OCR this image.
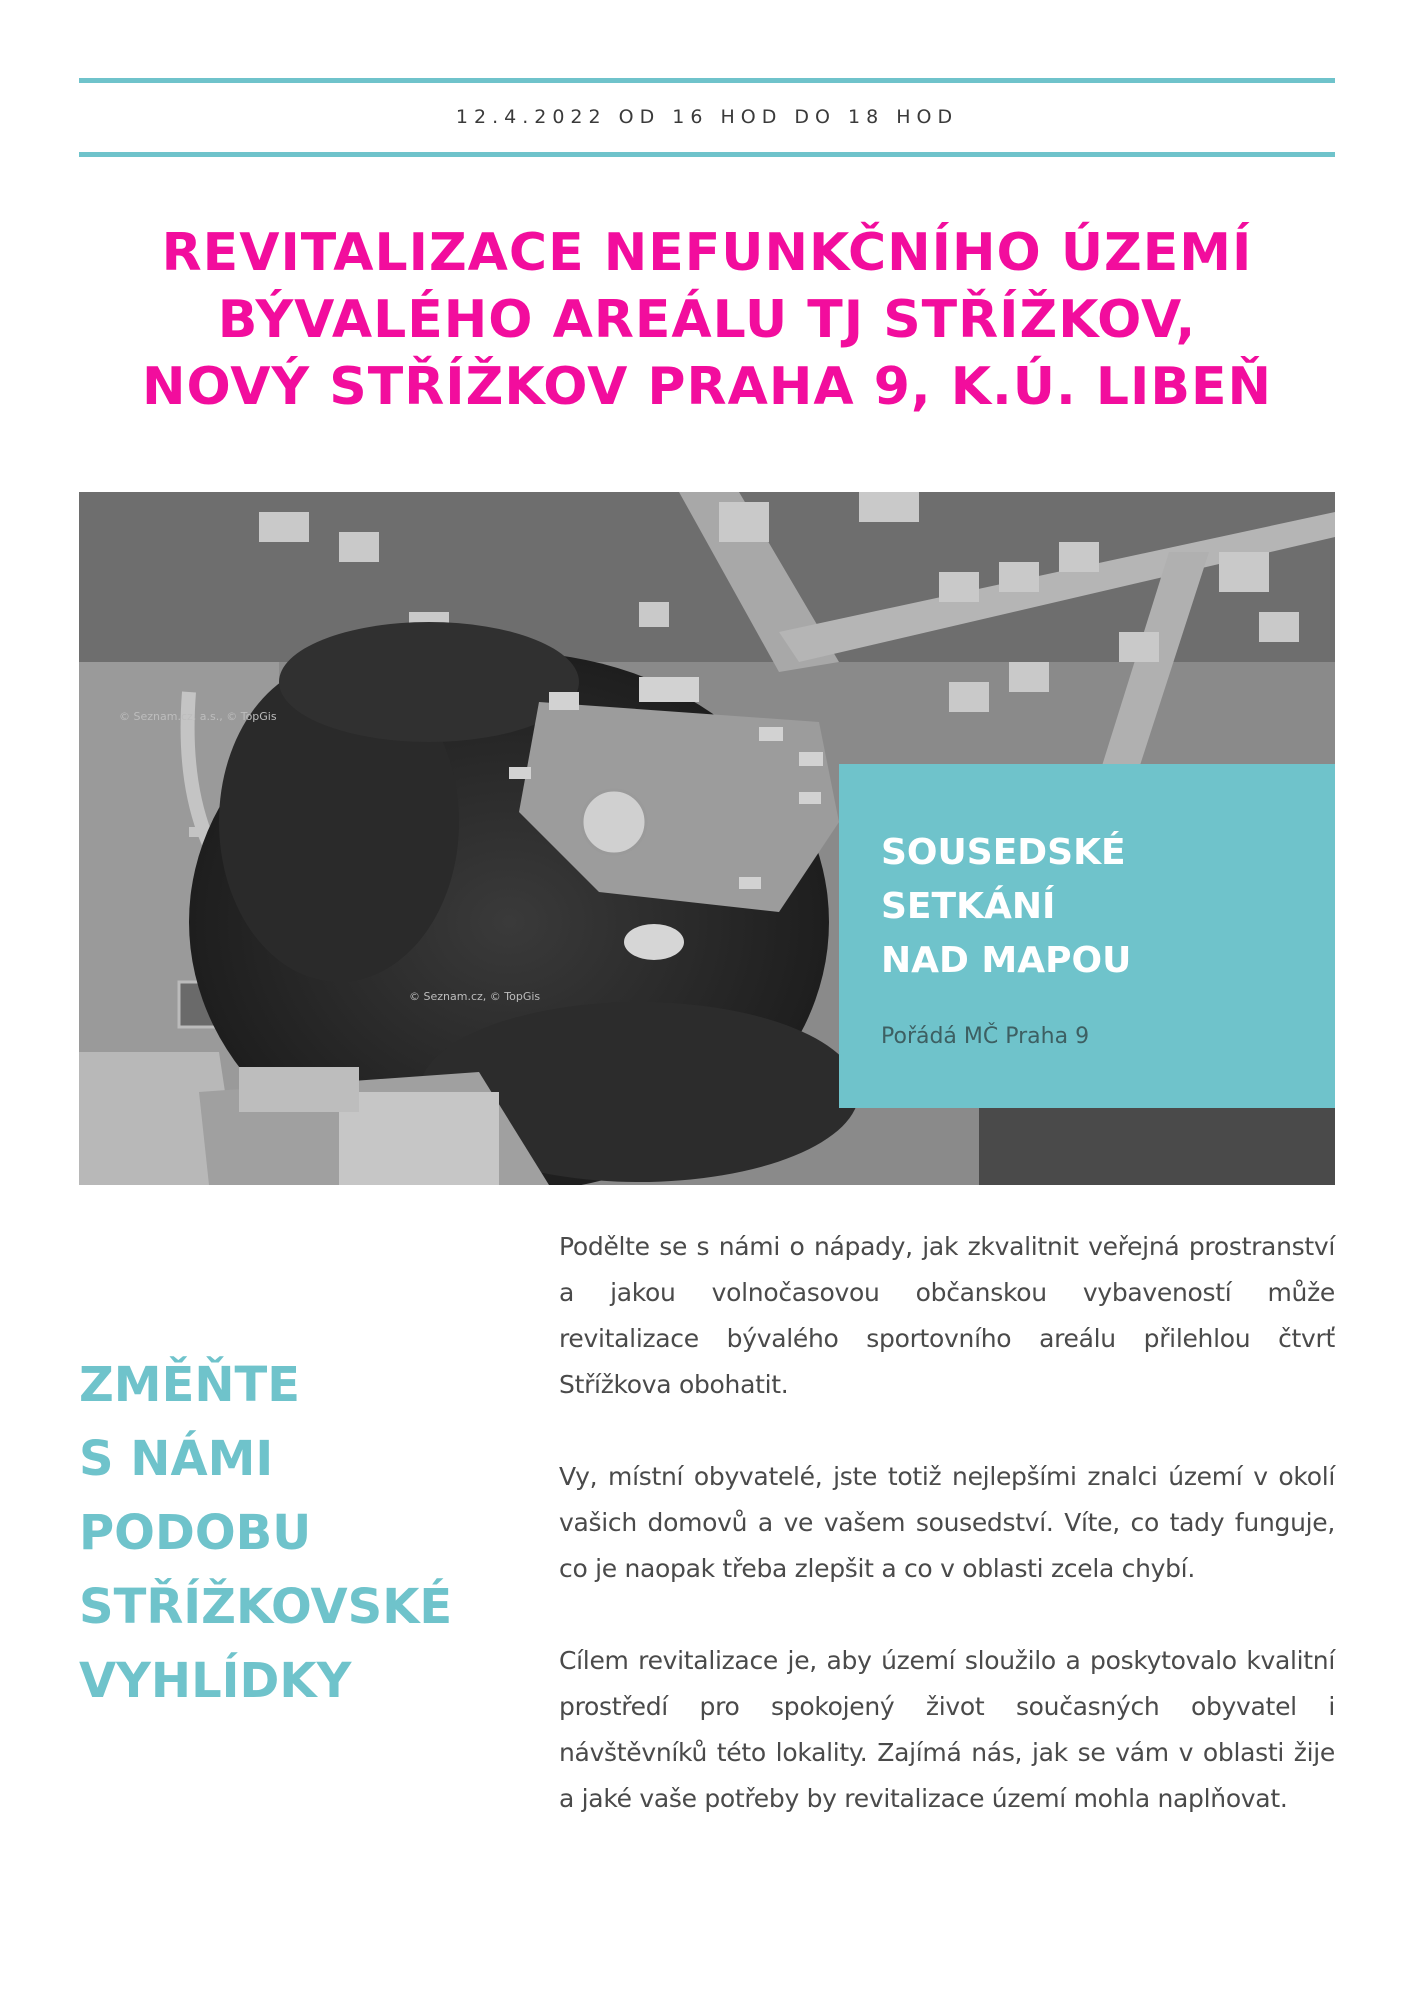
12.4.2022 OD 16 HOD DO 18 HOD
REVITALIZACE NEFUNKČNÍHO ÚZEMÍ
BÝVALÉHO AREÁLU TJ STŘÍŽKOV,
NOVÝ STŘÍŽKOV PRAHA 9, K.Ú. LIBEŇ
© Seznam.cz, © TopGis
© Seznam.cz, a.s., © TopGis
SOUSEDSKÉ
SETKÁNÍ
NAD MAPOU
Pořádá MČ Praha 9
ZMĚŇTE
S NÁMI
PODOBU
STŘÍŽKOVSKÉ
VYHLÍDKY

Podělte se s námi o nápady, jak zkvalitnit veřejná prostranství a jakou volnočasovou občanskou vybaveností může revitalizace bývalého sportovního areálu přilehlou čtvrť Střížkova obohatit.

Vy, místní obyvatelé, jste totiž nejlepšími znalci území v okolí vašich domovů a ve vašem sousedství. Víte, co tady funguje, co je naopak třeba zlepšit a co v oblasti zcela chybí.

Cílem revitalizace je, aby území sloužilo a poskytovalo kvalitní prostředí pro spokojený život současných obyvatel i návštěvníků této lokality. Zajímá nás, jak se vám v oblasti žije a jaké vaše potřeby by revitalizace území mohla naplňovat.
